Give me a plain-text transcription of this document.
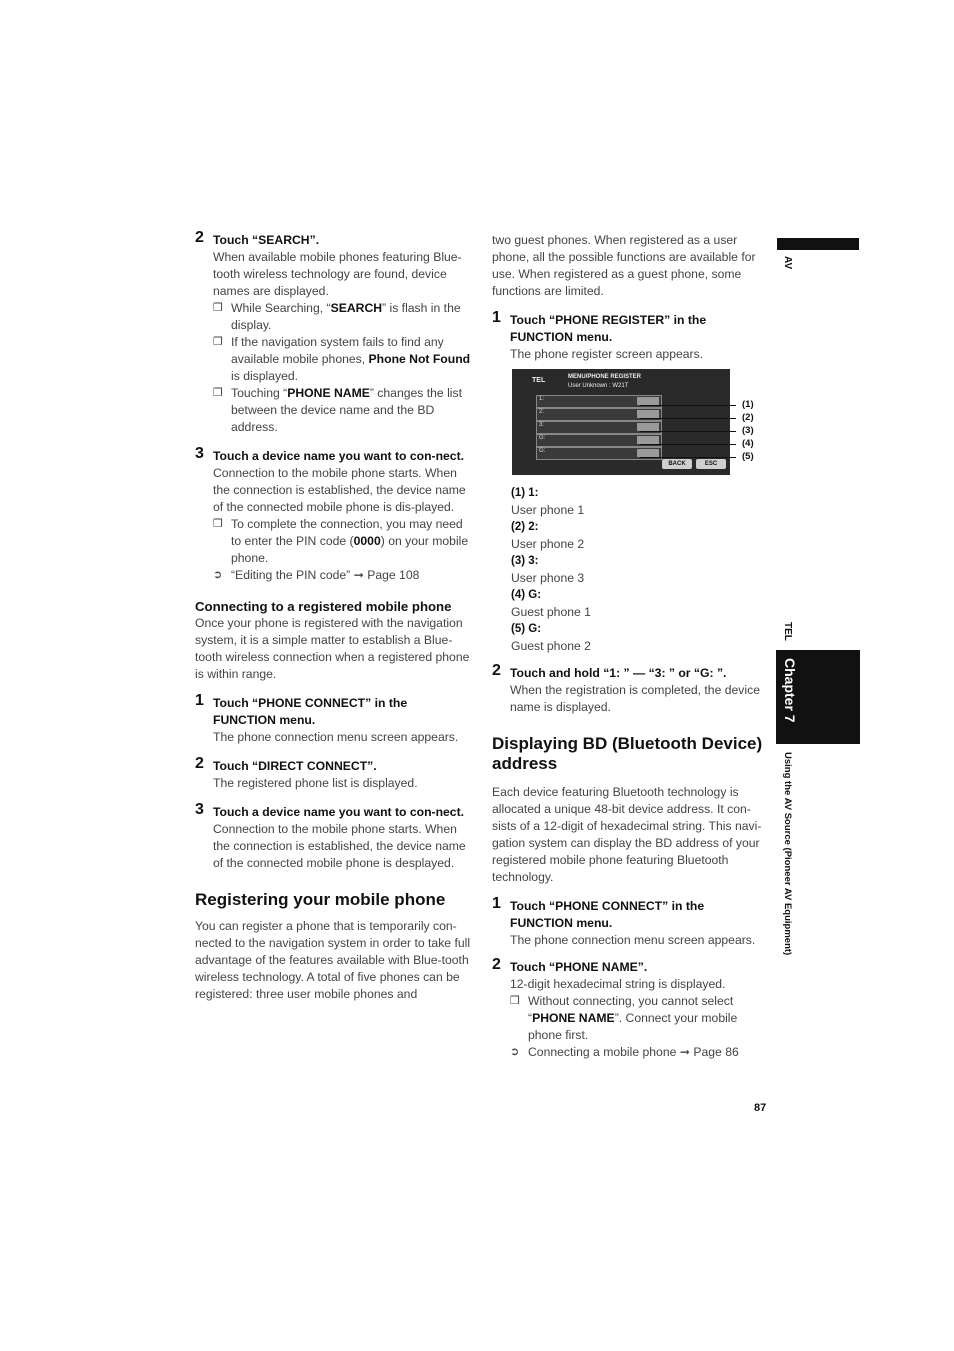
2 Touch “SEARCH”.
When available mobile phones featuring Blue-tooth wireless technology are found, device names are displayed.
❒ While Searching, “SEARCH” is flash in the display.
❒ If the navigation system fails to find any available mobile phones, Phone Not Found is displayed.
❒ Touching “PHONE NAME” changes the list between the device name and the BD address.
3 Touch a device name you want to con-nect.
Connection to the mobile phone starts. When the connection is established, the device name of the connected mobile phone is dis-played.
❒ To complete the connection, you may need to enter the PIN code (0000) on your mobile phone.
➲ “Editing the PIN code” ➞ Page 108
Connecting to a registered mobile phone

Once your phone is registered with the navigation system, it is a simple matter to establish a Blue-tooth wireless connection when a registered phone is within range.

1 Touch “PHONE CONNECT” in the FUNCTION menu.
The phone connection menu screen appears.
2 Touch “DIRECT CONNECT”.
The registered phone list is displayed.
3 Touch a device name you want to con-nect.
Connection to the mobile phone starts. When the connection is established, the device name of the connected mobile phone is desplayed.
Registering your mobile phone

You can register a phone that is temporarily con-nected to the navigation system in order to take full advantage of the features available with Blue-tooth wireless technology. A total of five phones can be registered: three user mobile phones and

two guest phones. When registered as a user phone, all the possible functions are available for use. When registered as a guest phone, some functions are limited.

1 Touch “PHONE REGISTER” in the FUNCTION menu.
The phone register screen appears.
TEL	MENU/PHONE REGISTER
User Unknown : W21T
1:
2:
3:
G:
G:
BACK	ESC
(1)
(2)
(3)
(4)
(5)
(1) 1:
User phone 1
(2) 2:
User phone 2
(3) 3:
User phone 3
(4) G:
Guest phone 1
(5) G:
Guest phone 2
2 Touch and hold “1: ” — “3: ” or “G: ”.
When the registration is completed, the device name is displayed.
Displaying BD (Bluetooth Device) address

Each device featuring Bluetooth technology is allocated a unique 48-bit device address. It con-sists of a 12-digit of hexadecimal string. This navi-gation system can display the BD address of your registered mobile phone featuring Bluetooth technology.

1 Touch “PHONE CONNECT” in the FUNCTION menu.
The phone connection menu screen appears.
2 Touch “PHONE NAME”.
12-digit hexadecimal string is displayed.
❒ Without connecting, you cannot select “PHONE NAME”. Connect your mobile phone first.
➲ Connecting a mobile phone ➞ Page 86
AV
TEL
Chapter 7
Using the AV Source (Pioneer AV Equipment)
87
